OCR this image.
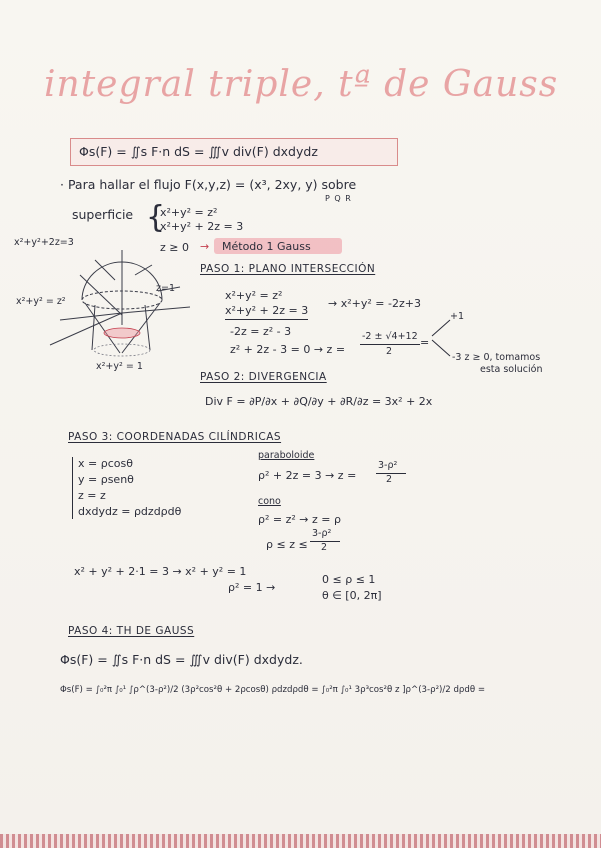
integral triple, tª de Gauss
Φs(F) = ∬s F·n dS = ∭v div(F) dxdydz
· Para hallar el flujo F(x,y,z) = (x³, 2xy, y) sobre
P Q R
superficie {
x²+y² = z²
x²+y² + 2z = 3
z ≥ 0 → Método 1 Gauss
x²+y²+2z=3
x²+y² = z²
z=1
x²+y² = 1
PASO 1: PLANO INTERSECCIÓN
x²+y² = z²
→ x²+y² = -2z+3
x²+y² + 2z = 3
-2z = z² - 3
z² + 2z - 3 = 0 → z =
-2 ± √4+12
2
=
+1
-3 z ≥ 0, tomamos
esta solución
PASO 2: DIVERGENCIA
Div F = ∂P/∂x + ∂Q/∂y + ∂R/∂z = 3x² + 2x
PASO 3: COORDENADAS CILÍNDRICAS
x = ρcosθ
y = ρsenθ
z = z
dxdydz = ρdzdρdθ
paraboloide
ρ² + 2z = 3 → z =
3-ρ²
2
cono
ρ² = z² → z = ρ
ρ ≤ z ≤
3-ρ²
2
x² + y² + 2·1 = 3 → x² + y² = 1
ρ² = 1 →
0 ≤ ρ ≤ 1
θ ∈ [0, 2π]
PASO 4: TH DE GAUSS
Φs(F) = ∬s F·n dS = ∭v div(F) dxdydz.
Φs(F) = ∫₀²π ∫₀¹ ∫ρ^(3-ρ²)/2 (3ρ²cos²θ + 2ρcosθ) ρdzdρdθ = ∫₀²π ∫₀¹ 3ρ³cos²θ z ]ρ^(3-ρ²)/2 dρdθ =
